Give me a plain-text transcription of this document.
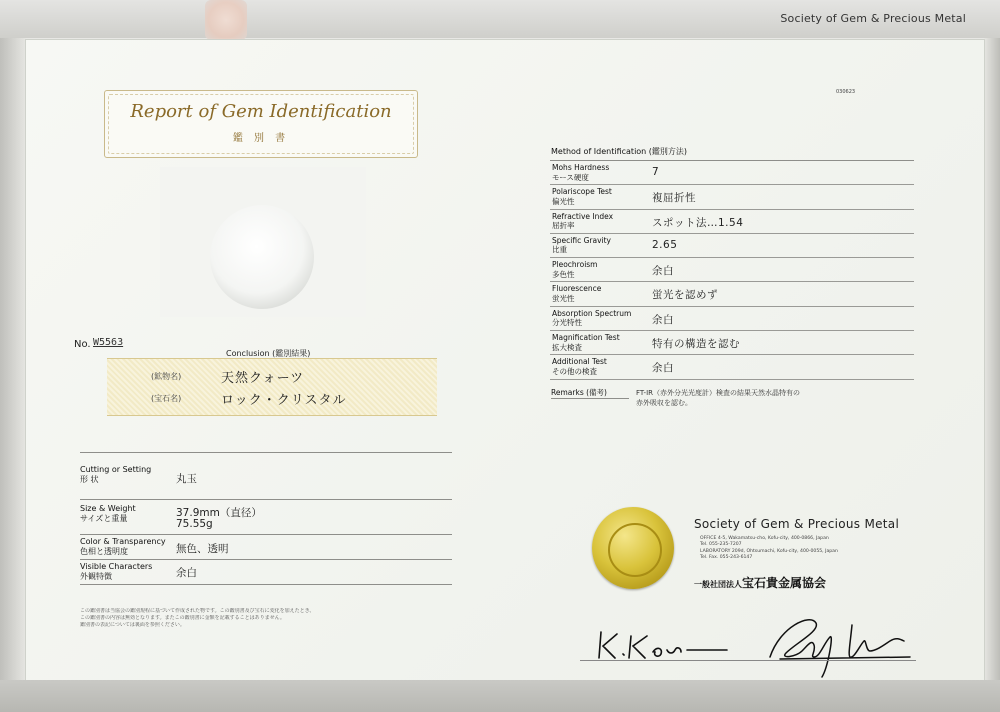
Society of Gem & Precious Metal
030623
Report of Gem Identification
鑑 別 書
No. W5563
Conclusion (鑑別結果)
(鉱物名)	天然クォーツ
(宝石名)	ロック・クリスタル
Cutting or Setting
形 状	丸玉
Size & Weight
サイズと重量	37.9mm（直径）
75.55g
Color & Transparency
色相と透明度	無色、透明
Visible Characters
外観特徴	余白
この鑑別書は当協会の鑑別規程に基づいて作成された物です。この鑑別書及び宝石に変化を加えたとき、
この鑑別書の内容は無効となります。またこの鑑別書に金額を記載することはありません。
鑑別書の表記については裏面を参照ください。
Method of Identification (鑑別方法)
Mohs Hardness
モース硬度	7
Polariscope Test
偏光性	複屈折性
Refractive Index
屈折率	スポット法…1.54
Specific Gravity
比重	2.65
Pleochroism
多色性	余白
Fluorescence
蛍光性	蛍光を認めず
Absorption Spectrum
分光特性	余白
Magnification Test
拡大検査	特有の構造を認む
Additional Test
その他の検査	余白
Remarks (備考)	FT-IR（赤外分光光度計）検査の結果天然水晶特有の
赤外吸収を認む。
Society of Gem & Precious Metal
OFFICE 4-5, Wakamatsu-cho, Kofu-city, 400-0866, Japan
Tel. 055-235-7207
LABORATORY 209d, Ohtsumachi, Kofu-city, 400-0055, Japan
Tel. Fax. 055-243-6147
一般社団法人宝石貴金属協会
